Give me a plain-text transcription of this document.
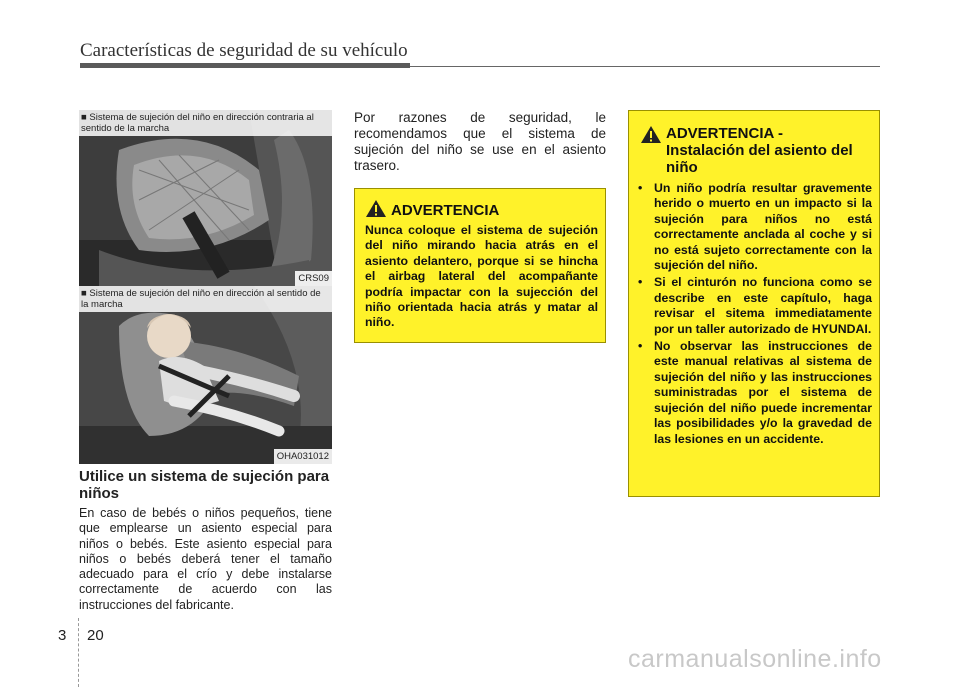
Características de seguridad de su vehículo
■ Sistema de sujeción del niño en dirección contraria al sentido de la marcha
CRS09
■ Sistema de sujeción del niño en dirección al sentido de la marcha
OHA031012
Utilice un sistema de sujeción para niños
En caso de bebés o niños pequeños, tiene que emplearse un asiento especial para niños o bebés. Este asiento especial para niños o bebés deberá tener el tamaño adecuado para el crío y debe instalarse correctamente de acuerdo con las instrucciones del fabricante.
Por razones de seguridad, le recomendamos que el sistema de sujeción del niño se use en el asiento trasero.
ADVERTENCIA
Nunca coloque el sistema de sujeción del niño mirando hacia atrás en el asiento delantero, porque si se hincha el airbag lateral del acompañante podría impactar con la sujección del niño orientada hacia atrás y matar al niño.
ADVERTENCIA -
Instalación del asiento del niño
• Un niño podría resultar gravemente herido o muerto en un impacto si la sujeción para niños no está correctamente anclada al coche y si no está sujeto correctamente con la sujeción del niño.
• Si el cinturón no funciona como se describe en este capítulo, haga revisar el sitema immediatamente por un taller autorizado de HYUNDAI.
• No observar las instrucciones de este manual relativas al sistema de sujeción del niño y las instrucciones suministradas por el sistema de sujeción del niño puede incrementar las posibilidades y/o la gravedad de las lesiones en un accidente.
3 20
carmanualsonline.info
